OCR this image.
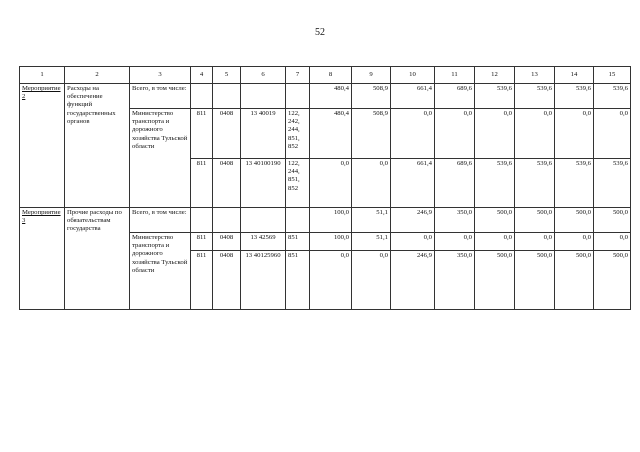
52
1	2	3	4	5	6	7	8	9	10	11	12	13	14	15
Мероприятие 2	Расходы на обеспечение функций государственных органов	Всего, в том числе:					480,4	508,9	661,4	689,6	539,6	539,6	539,6	539,6
		Министерство транспорта и дорожного хозяйства Тульской области	811	0408	13 40019	122, 242, 244, 851, 852	480,4	508,9	0,0	0,0	0,0	0,0	0,0	0,0
			811	0408	13 40100190	122, 244, 851, 852	0,0	0,0	661,4	689,6	539,6	539,6	539,6	539,6
Мероприятие 3	Прочие расходы по обязательствам государства	Всего, в том числе:					100,0	51,1	246,9	350,0	500,0	500,0	500,0	500,0
		Министерство транспорта и дорожного хозяйства Тульской области	811	0408	13 42569	851	100,0	51,1	0,0	0,0	0,0	0,0	0,0	0,0
			811	0408	13 40125960	851	0,0	0,0	246,9	350,0	500,0	500,0	500,0	500,0
